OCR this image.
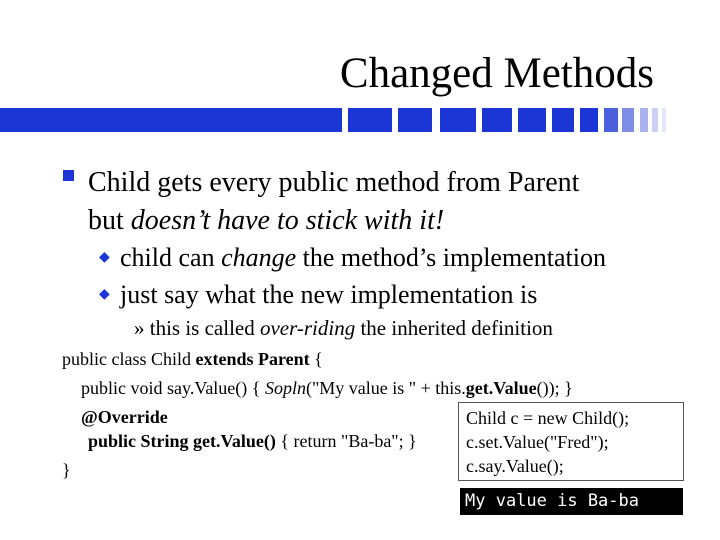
Changed Methods
Child gets every public method from Parent
but doesn’t have to stick with it!
◆ child can change the method’s implementation
◆ just say what the new implementation is
» this is called over-riding the inherited definition
public class Child extends Parent {
public void say.Value() { Sopln("My value is " + this.get.Value()); }
@Override
public String get.Value() { return "Ba-ba"; }
}
Child c = new Child();
c.set.Value("Fred");
c.say.Value();
My value is Ba-ba
